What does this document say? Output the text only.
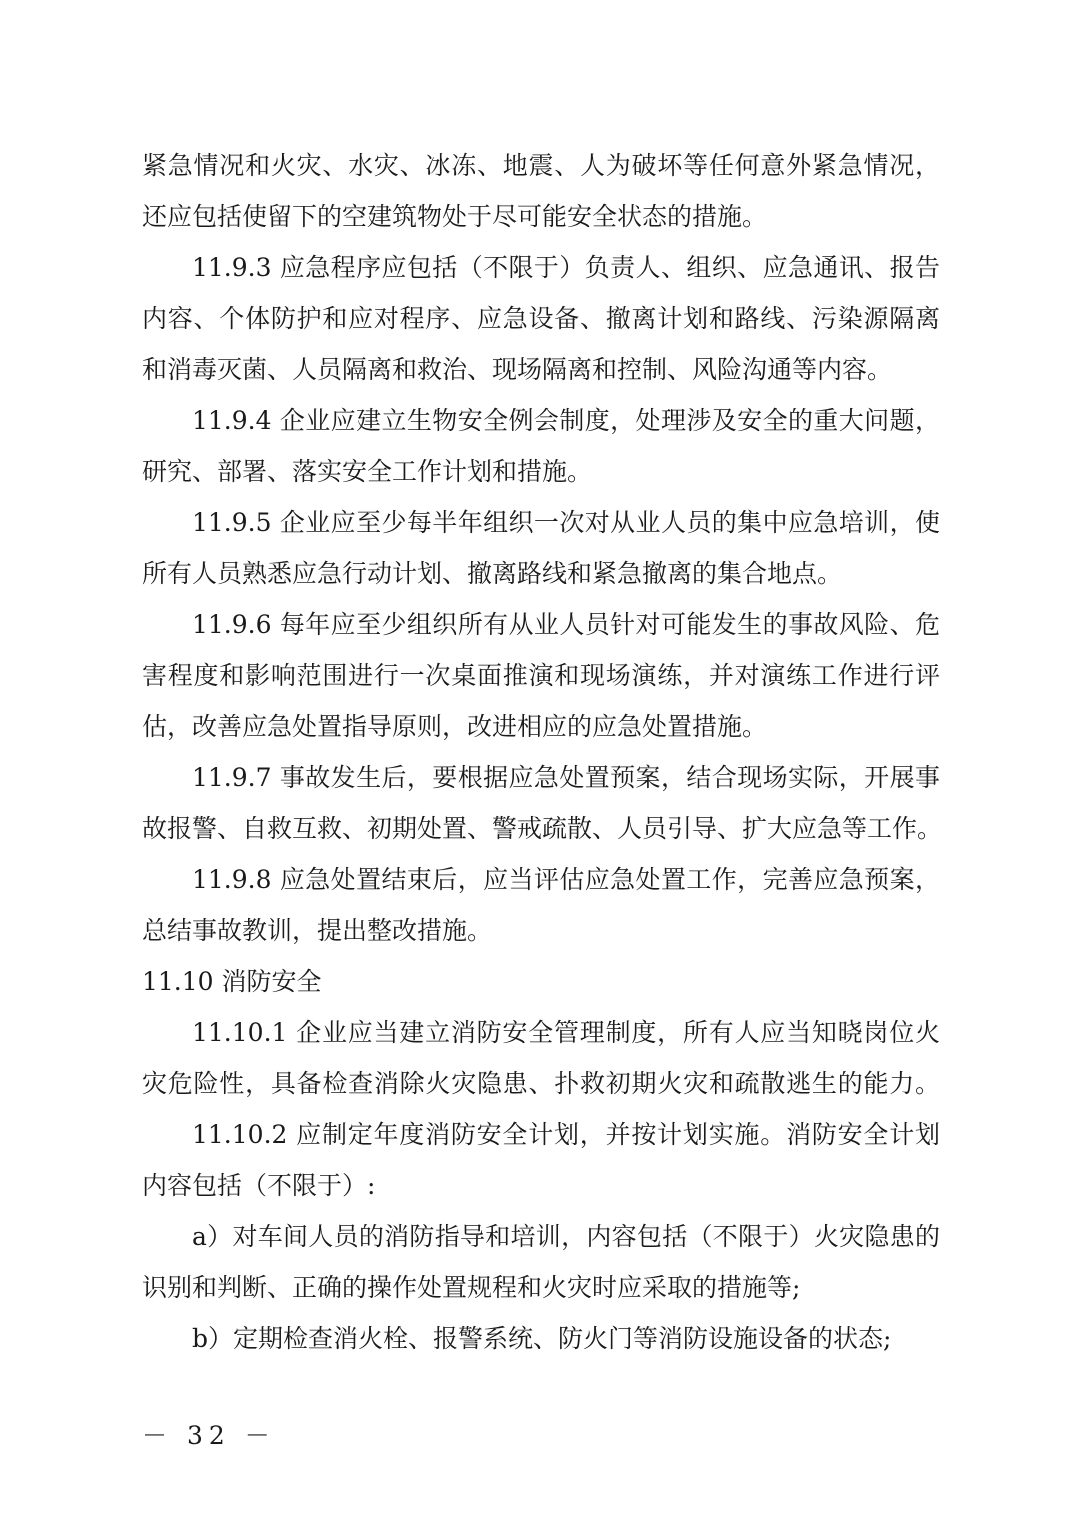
紧急情况和火灾、水灾、冰冻、地震、人为破坏等任何意外紧急情况，
还应包括使留下的空建筑物处于尽可能安全状态的措施。
11.9.3 应急程序应包括（不限于）负责人、组织、应急通讯、报告
内容、个体防护和应对程序、应急设备、撤离计划和路线、污染源隔离
和消毒灭菌、人员隔离和救治、现场隔离和控制、风险沟通等内容。
11.9.4 企业应建立生物安全例会制度，处理涉及安全的重大问题，
研究、部署、落实安全工作计划和措施。
11.9.5 企业应至少每半年组织一次对从业人员的集中应急培训，使
所有人员熟悉应急行动计划、撤离路线和紧急撤离的集合地点。
11.9.6 每年应至少组织所有从业人员针对可能发生的事故风险、危
害程度和影响范围进行一次桌面推演和现场演练，并对演练工作进行评
估，改善应急处置指导原则，改进相应的应急处置措施。
11.9.7 事故发生后，要根据应急处置预案，结合现场实际，开展事
故报警、自救互救、初期处置、警戒疏散、人员引导、扩大应急等工作。
11.9.8 应急处置结束后，应当评估应急处置工作，完善应急预案，
总结事故教训，提出整改措施。
11.10 消防安全
11.10.1 企业应当建立消防安全管理制度，所有人应当知晓岗位火
灾危险性，具备检查消除火灾隐患、扑救初期火灾和疏散逃生的能力。
11.10.2 应制定年度消防安全计划，并按计划实施。消防安全计划
内容包括（不限于）:
a）对车间人员的消防指导和培训，内容包括（不限于）火灾隐患的
识别和判断、正确的操作处置规程和火灾时应采取的措施等;
b）定期检查消火栓、报警系统、防火门等消防设施设备的状态;
－ 32 －
